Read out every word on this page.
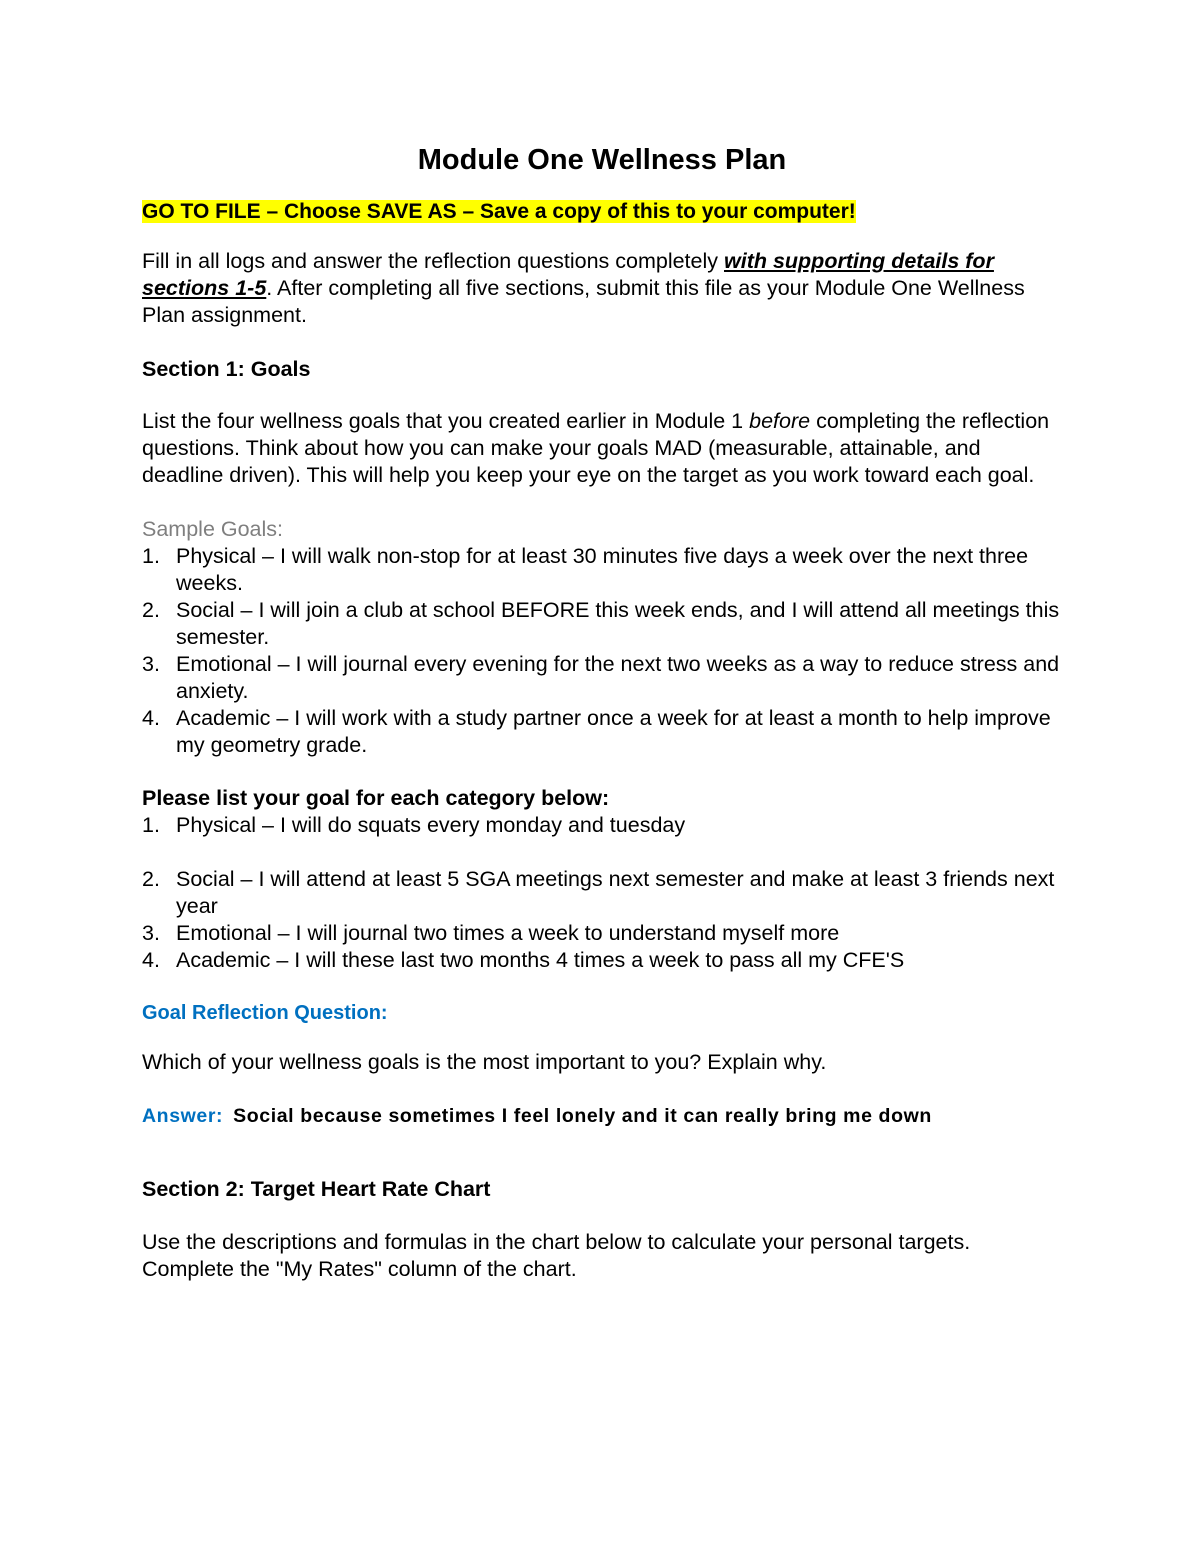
Module One Wellness Plan

GO TO FILE – Choose SAVE AS – Save a copy of this to your computer!

Fill in all logs and answer the reflection questions completely with supporting details for sections 1-5. After completing all five sections, submit this file as your Module One Wellness Plan assignment.

Section 1: Goals

List the four wellness goals that you created earlier in Module 1 before completing the reflection questions. Think about how you can make your goals MAD (measurable, attainable, and deadline driven). This will help you keep your eye on the target as you work toward each goal.

Sample Goals:

1. Physical – I will walk non-stop for at least 30 minutes five days a week over the next three weeks.
2. Social – I will join a club at school BEFORE this week ends, and I will attend all meetings this semester.
3. Emotional – I will journal every evening for the next two weeks as a way to reduce stress and anxiety.
4. Academic – I will work with a study partner once a week for at least a month to help improve my geometry grade.

Please list your goal for each category below:

1. Physical – I will do squats every monday and tuesday
2. Social – I will attend at least 5 SGA meetings next semester and make at least 3 friends next year
3. Emotional – I will journal two times a week to understand myself more
4. Academic – I will these last two months 4 times a week to pass all my CFE'S

Goal Reflection Question:

Which of your wellness goals is the most important to you? Explain why.

Answer: Social because sometimes I feel lonely and it can really bring me down

Section 2: Target Heart Rate Chart

Use the descriptions and formulas in the chart below to calculate your personal targets. Complete the "My Rates" column of the chart.
